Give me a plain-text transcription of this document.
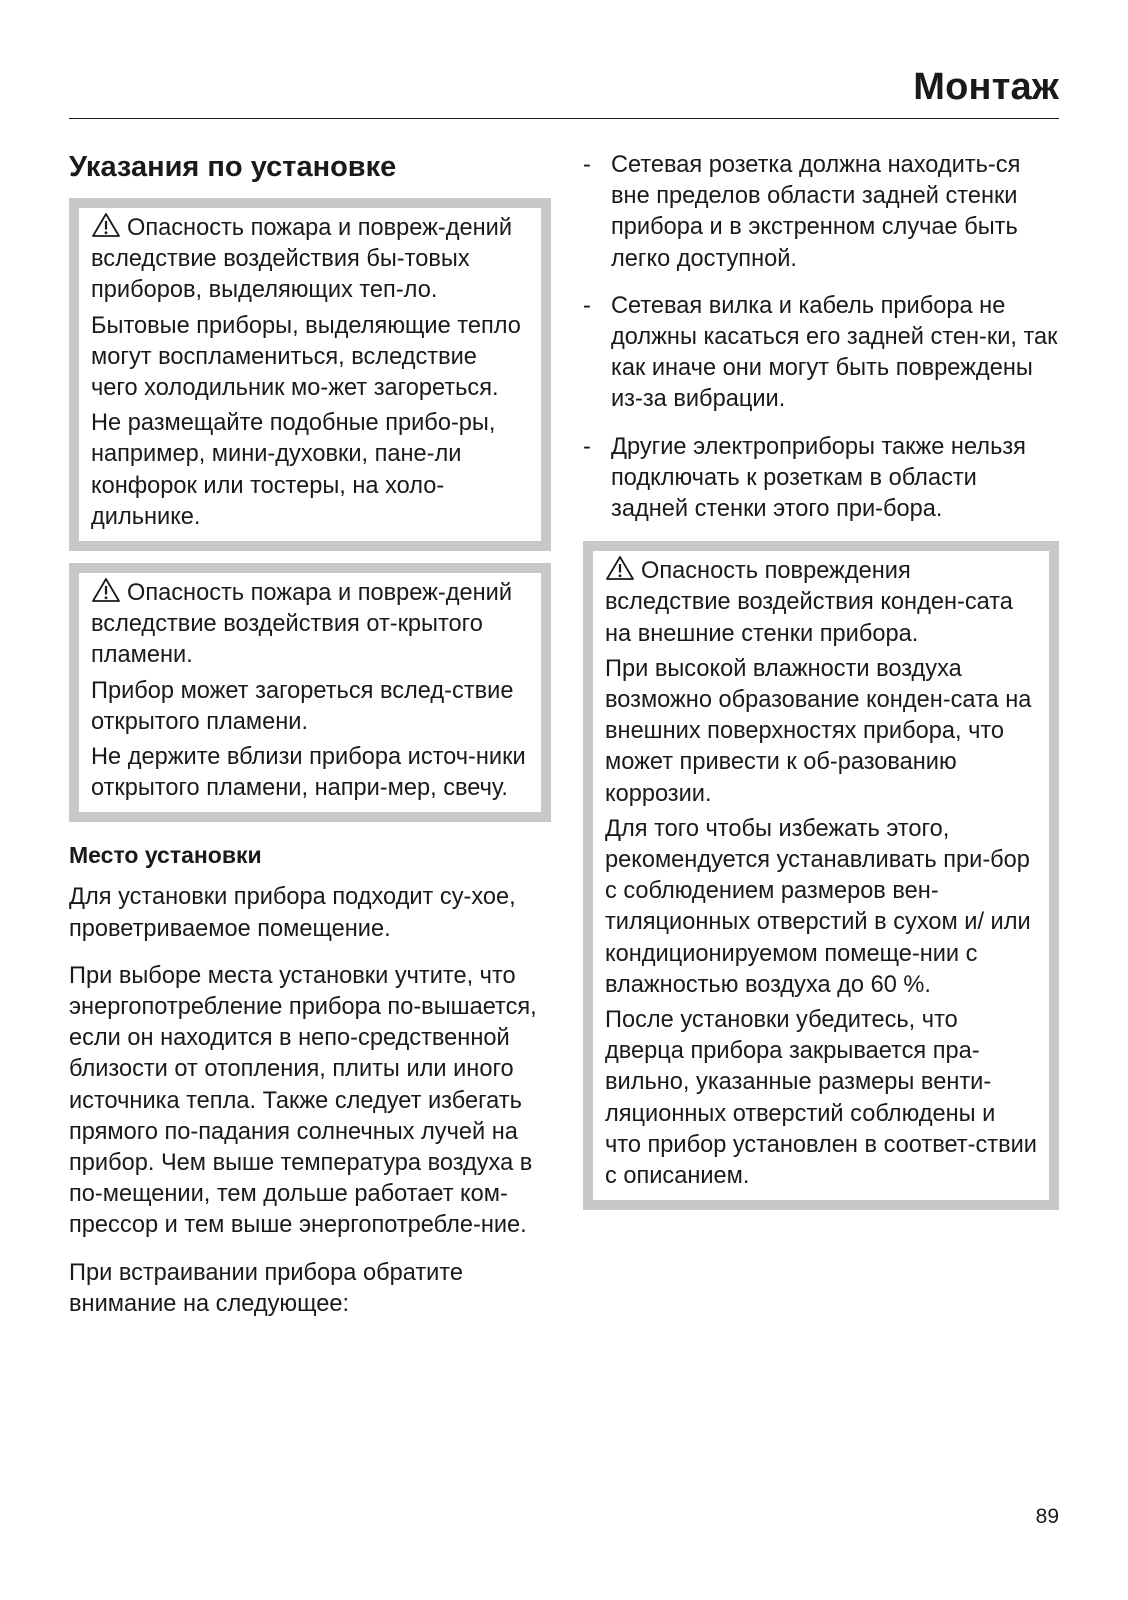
Монтаж
Указания по установке

Опасность пожара и повреж-дений вследствие воздействия бы-товых приборов, выделяющих теп-ло.

Бытовые приборы, выделяющие тепло могут воспламениться, вследствие чего холодильник мо-жет загореться.

Не размещайте подобные прибо-ры, например, мини-духовки, пане-ли конфорок или тостеры, на холо-дильнике.

Опасность пожара и повреж-дений вследствие воздействия от-крытого пламени.

Прибор может загореться вслед-ствие открытого пламени.

Не держите вблизи прибора источ-ники открытого пламени, напри-мер, свечу.

Место установки

Для установки прибора подходит су-хое, проветриваемое помещение.

При выборе места установки учтите, что энергопотребление прибора по-вышается, если он находится в непо-средственной близости от отопления, плиты или иного источника тепла. Также следует избегать прямого по-падания солнечных лучей на прибор. Чем выше температура воздуха в по-мещении, тем дольше работает ком-прессор и тем выше энергопотребле-ние.

При встраивании прибора обратите внимание на следующее:

- Сетевая розетка должна находить-ся вне пределов области задней стенки прибора и в экстренном случае быть легко доступной.
- Сетевая вилка и кабель прибора не должны касаться его задней стен-ки, так как иначе они могут быть повреждены из-за вибрации.
- Другие электроприборы также нельзя подключать к розеткам в области задней стенки этого при-бора.

Опасность повреждения вследствие воздействия конден-сата на внешние стенки прибора.

При высокой влажности воздуха возможно образование конден-сата на внешних поверхностях прибора, что может привести к об-разованию коррозии.

Для того чтобы избежать этого, рекомендуется устанавливать при-бор с соблюдением размеров вен-тиляционных отверстий в сухом и/ или кондиционируемом помеще-нии с влажностью воздуха до 60 %.

После установки убедитесь, что дверца прибора закрывается пра-вильно, указанные размеры венти-ляционных отверстий соблюдены и что прибор установлен в соответ-ствии с описанием.

89
